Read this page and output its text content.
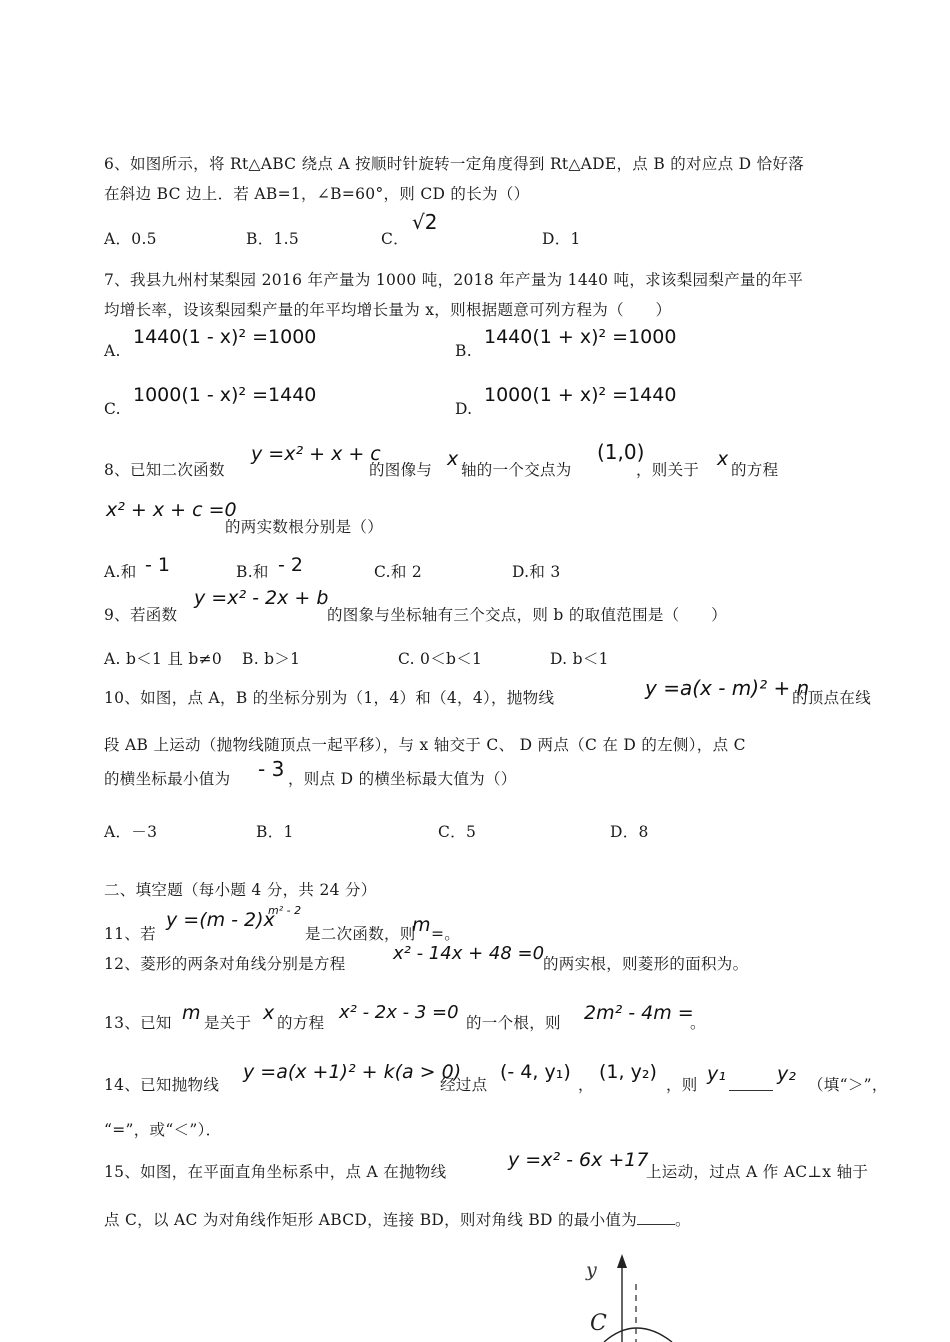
6、如图所示，将 Rt△ABC 绕点 A 按顺时针旋转一定角度得到 Rt△ADE，点 B 的对应点 D 恰好落
在斜边 BC 边上．若 AB=1，∠B=60°，则 CD 的长为（）
A．0.5	B．1.5	C．
√2
D．1
7、我县九州村某梨园 2016 年产量为 1000 吨，2018 年产量为 1440 吨，求该梨园梨产量的年平
均增长率，设该梨园梨产量的年平均增长量为 x，则根据题意可列方程为（　　）
A.
1440(1 - x)² =1000
B.
1440(1 + x)² =1000
C.
1000(1 - x)² =1440
D.
1000(1 + x)² =1440
8、已知二次函数
y =x² + x + c
的图像与 x 轴的一个交点为
(1,0)
，则关于 x 的方程
x² + x + c =0
的两实数根分别是（）
A.和 - 1	B.和 - 2	C.和 2	D.和 3
9、若函数
y =x² - 2x + b
的图象与坐标轴有三个交点，则 b 的取值范围是（　　）
A. b＜1 且 b≠0 B. b＞1	C. 0＜b＜1	D. b＜1
10、如图，点 A，B 的坐标分别为（1，4）和（4，4），抛物线	y =a(x - m)² + n
的顶点在线
段 AB 上运动（抛物线随顶点一起平移），与 x 轴交于 C、 D 两点（C 在 D 的左侧），点 C
的横坐标最小值为 - 3 ，则点 D 的横坐标最大值为（）
A．－3	B．1	C．5	D．8
二、填空题（每小题 4 分，共 24 分）
11、若
y =(m - 2)x
m² - 2
是二次函数，则
m =。
12、菱形的两条对角线分别是方程	x² - 14x + 48 =0
的两实根，则菱形的面积为。
13、已知 m 是关于 x 的方程 x² - 2x - 3 =0 的一个根，则 2m² - 4m =
。
14、已知抛物线
y =a(x +1)² + k(a > 0)
经过点
(- 4, y₁)
，
(1, y₂)
，则 y₁	y₂ （填“＞”，
“=”，或“＜”）．
15、如图，在平面直角坐标系中，点 A 在抛物线
y =x² - 6x +17
上运动，过点 A 作 AC⊥x 轴于
点 C，以 AC 为对角线作矩形 ABCD，连接 BD，则对角线 BD 的最小值为 。
y
C
